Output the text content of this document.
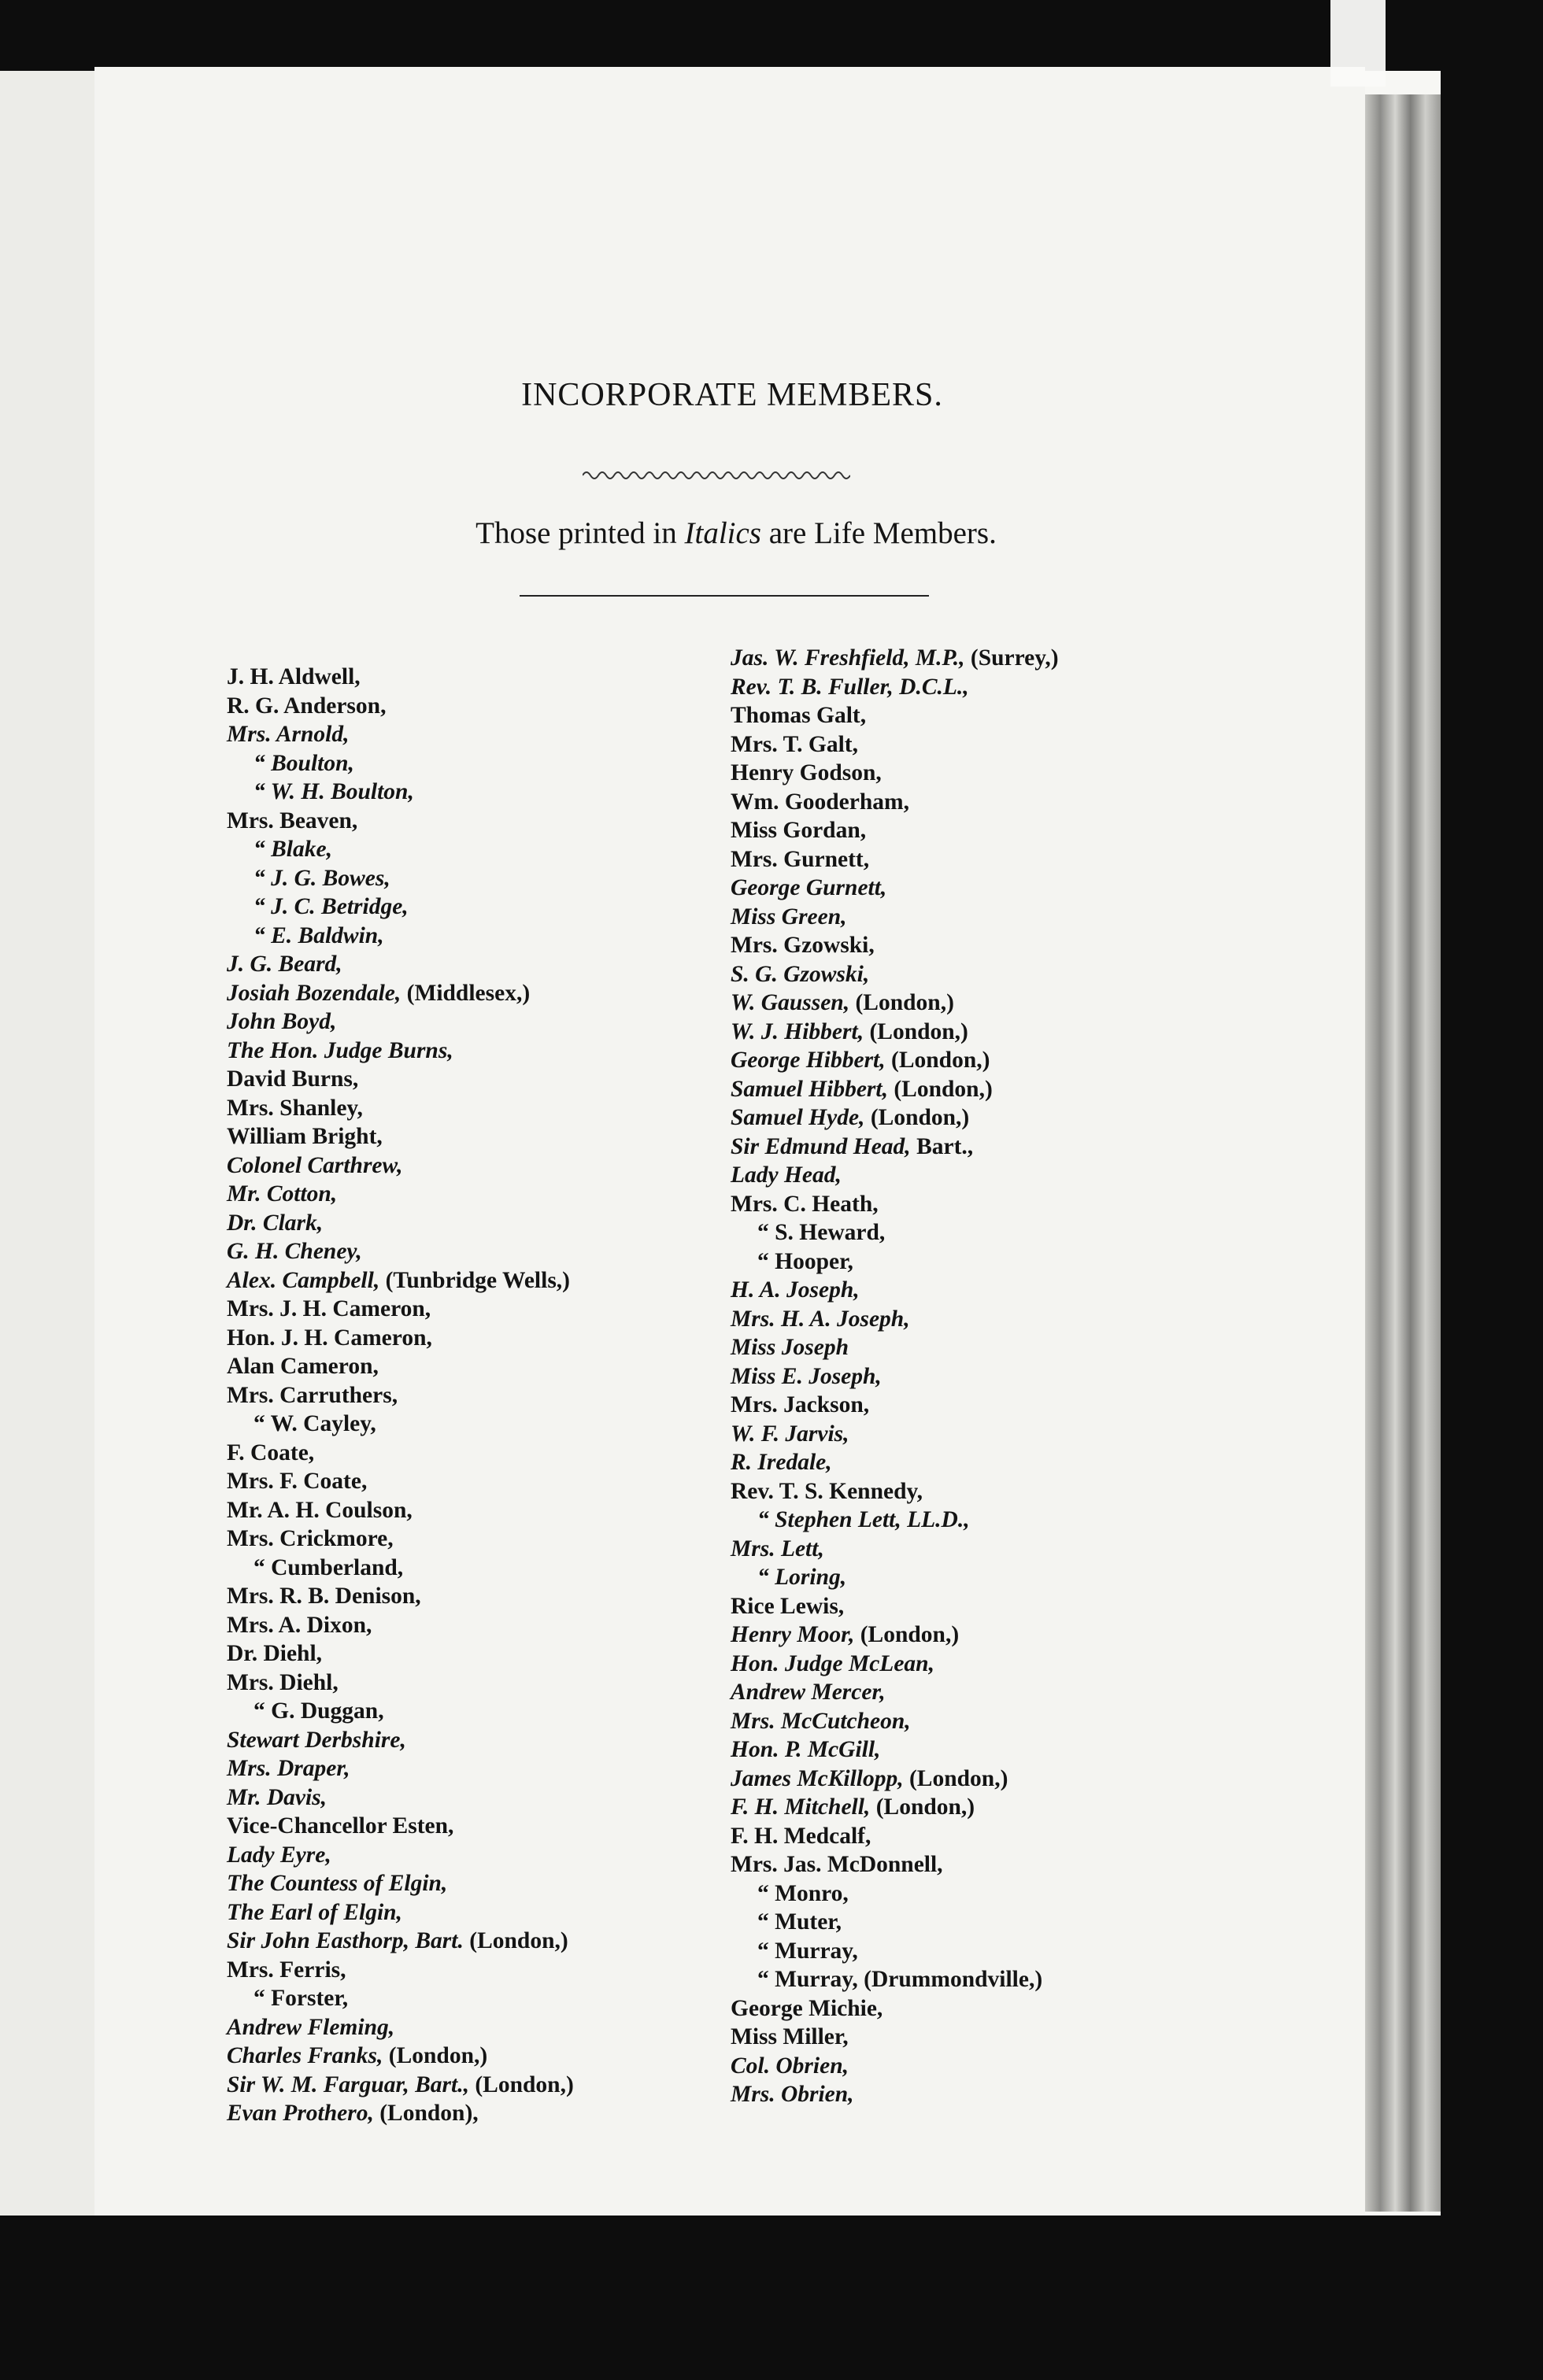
INCORPORATE MEMBERS.

Those printed in Italics are Life Members.

J. H. Aldwell,
R. G. Anderson,
Mrs. Arnold,
“ Boulton,
“ W. H. Boulton,
Mrs. Beaven,
“ Blake,
“ J. G. Bowes,
“ J. C. Betridge,
“ E. Baldwin,
J. G. Beard,
Josiah Bozendale, (Middlesex,)
John Boyd,
The Hon. Judge Burns,
David Burns,
Mrs. Shanley,
William Bright,
Colonel Carthrew,
Mr. Cotton,
Dr. Clark,
G. H. Cheney,
Alex. Campbell, (Tunbridge Wells,)
Mrs. J. H. Cameron,
Hon. J. H. Cameron,
Alan Cameron,
Mrs. Carruthers,
“ W. Cayley,
F. Coate,
Mrs. F. Coate,
Mr. A. H. Coulson,
Mrs. Crickmore,
“ Cumberland,
Mrs. R. B. Denison,
Mrs. A. Dixon,
Dr. Diehl,
Mrs. Diehl,
“ G. Duggan,
Stewart Derbshire,
Mrs. Draper,
Mr. Davis,
Vice-Chancellor Esten,
Lady Eyre,
The Countess of Elgin,
The Earl of Elgin,
Sir John Easthorp, Bart. (London,)
Mrs. Ferris,
“ Forster,
Andrew Fleming,
Charles Franks, (London,)
Sir W. M. Farguar, Bart., (London,)
Evan Prothero, (London),
Jas. W. Freshfield, M.P., (Surrey,)
Rev. T. B. Fuller, D.C.L.,
Thomas Galt,
Mrs. T. Galt,
Henry Godson,
Wm. Gooderham,
Miss Gordan,
Mrs. Gurnett,
George Gurnett,
Miss Green,
Mrs. Gzowski,
S. G. Gzowski,
W. Gaussen, (London,)
W. J. Hibbert, (London,)
George Hibbert, (London,)
Samuel Hibbert, (London,)
Samuel Hyde, (London,)
Sir Edmund Head, Bart.,
Lady Head,
Mrs. C. Heath,
“ S. Heward,
“ Hooper,
H. A. Joseph,
Mrs. H. A. Joseph,
Miss Joseph
Miss E. Joseph,
Mrs. Jackson,
W. F. Jarvis,
R. Iredale,
Rev. T. S. Kennedy,
“ Stephen Lett, LL.D.,
Mrs. Lett,
“ Loring,
Rice Lewis,
Henry Moor, (London,)
Hon. Judge McLean,
Andrew Mercer,
Mrs. McCutcheon,
Hon. P. McGill,
James McKillopp, (London,)
F. H. Mitchell, (London,)
F. H. Medcalf,
Mrs. Jas. McDonnell,
“ Monro,
“ Muter,
“ Murray,
“ Murray, (Drummondville,)
George Michie,
Miss Miller,
Col. Obrien,
Mrs. Obrien,
